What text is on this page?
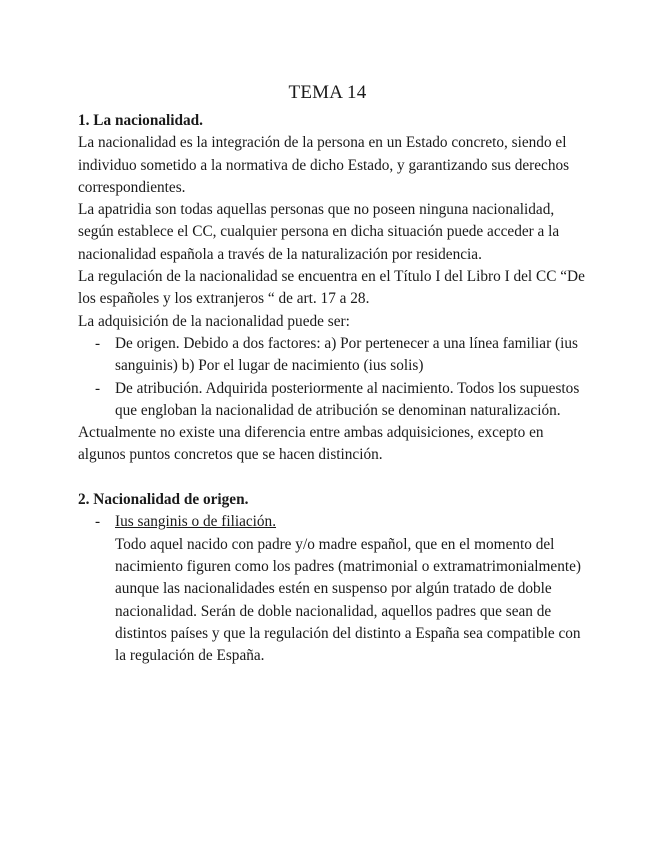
TEMA 14
1. La nacionalidad.

La nacionalidad es la integración de la persona en un Estado concreto, siendo el individuo sometido a la normativa de dicho Estado, y garantizando sus derechos correspondientes.

La apatridia son todas aquellas personas que no poseen ninguna nacionalidad, según establece el CC, cualquier persona en dicha situación puede acceder a la nacionalidad española a través de la naturalización por residencia.

La regulación de la nacionalidad se encuentra en el Título I del Libro I del CC “De los españoles y los extranjeros “ de art. 17 a 28.

La adquisición de la nacionalidad puede ser:

- De origen. Debido a dos factores: a) Por pertenecer a una línea familiar (ius sanguinis) b) Por el lugar de nacimiento (ius solis)
- De atribución. Adquirida posteriormente al nacimiento. Todos los supuestos que engloban la nacionalidad de atribución se denominan naturalización.

Actualmente no existe una diferencia entre ambas adquisiciones, excepto en algunos puntos concretos que se hacen distinción.

2. Nacionalidad de origen.
- Ius sanginis o de filiación.
Todo aquel nacido con padre y/o madre español, que en el momento del nacimiento figuren como los padres (matrimonial o extramatrimonialmente) aunque las nacionalidades estén en suspenso por algún tratado de doble nacionalidad. Serán de doble nacionalidad, aquellos padres que sean de distintos países y que la regulación del distinto a España sea compatible con la regulación de España.
